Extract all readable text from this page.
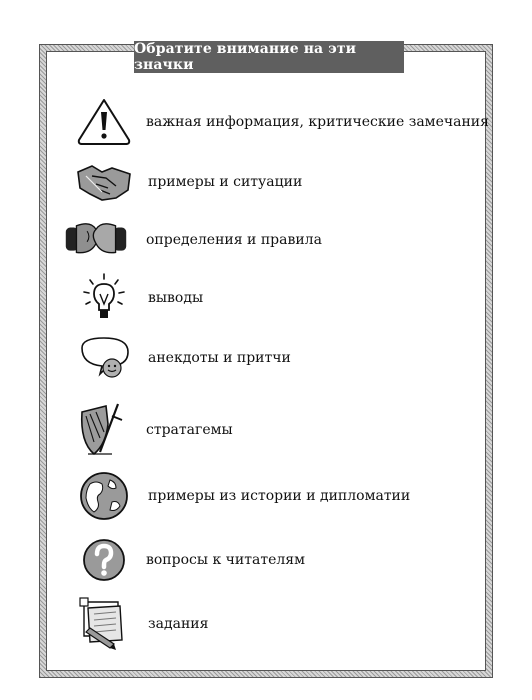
Обратите внимание на эти значки
важная информация, критические замечания
примеры и ситуации
определения и правила
выводы
анекдоты и притчи
стратагемы
примеры из истории и дипломатии
вопросы к читателям
задания
